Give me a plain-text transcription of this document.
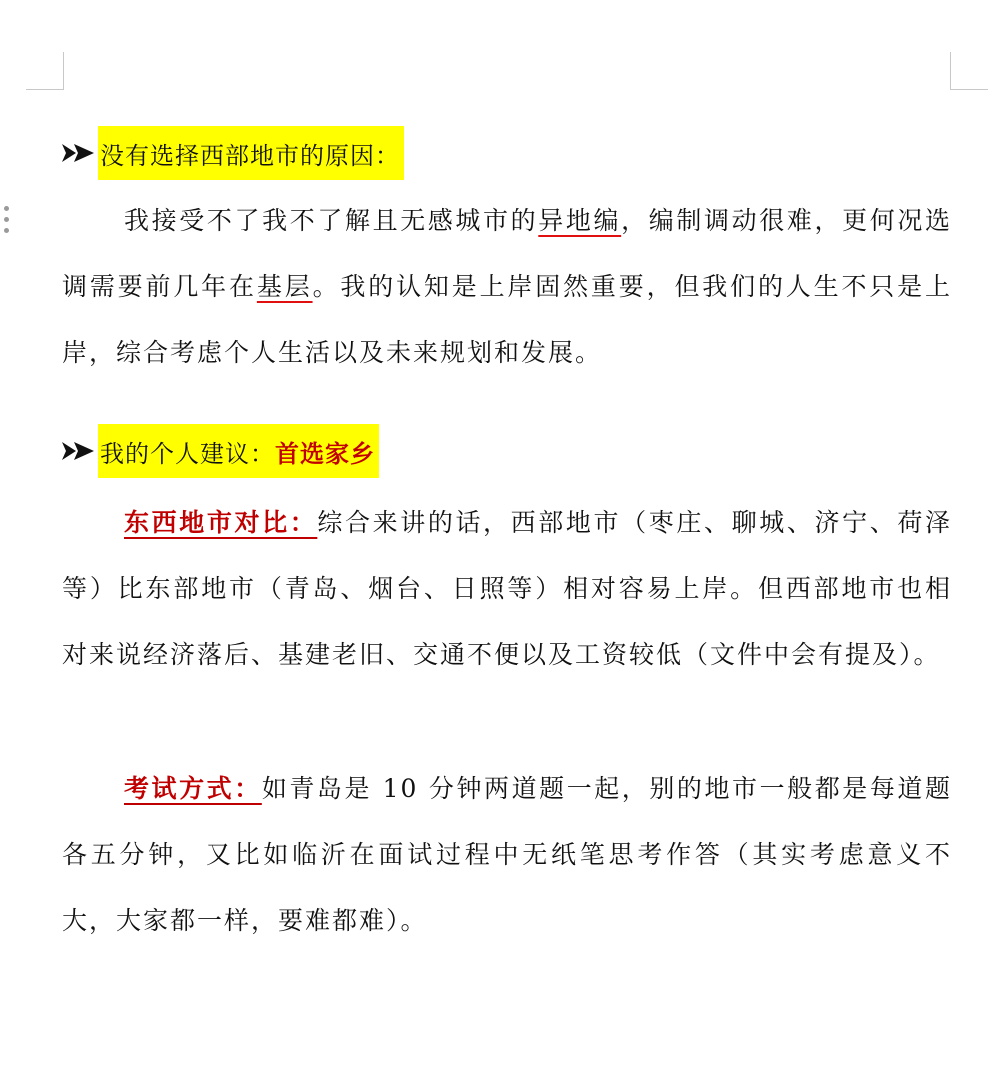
没有选择西部地市的原因：
我接受不了我不了解且无感城市的异地编，编制调动很难，更何况选调需要前几年在基层。我的认知是上岸固然重要，但我们的人生不只是上岸，综合考虑个人生活以及未来规划和发展。
我的个人建议： 首选家乡
东西地市对比：综合来讲的话，西部地市（枣庄、聊城、济宁、荷泽等）比东部地市（青岛、烟台、日照等）相对容易上岸。但西部地市也相对来说经济落后、基建老旧、交通不便以及工资较低（文件中会有提及）。
考试方式：如青岛是 10 分钟两道题一起，别的地市一般都是每道题各五分钟，又比如临沂在面试过程中无纸笔思考作答（其实考虑意义不大，大家都一样，要难都难）。
